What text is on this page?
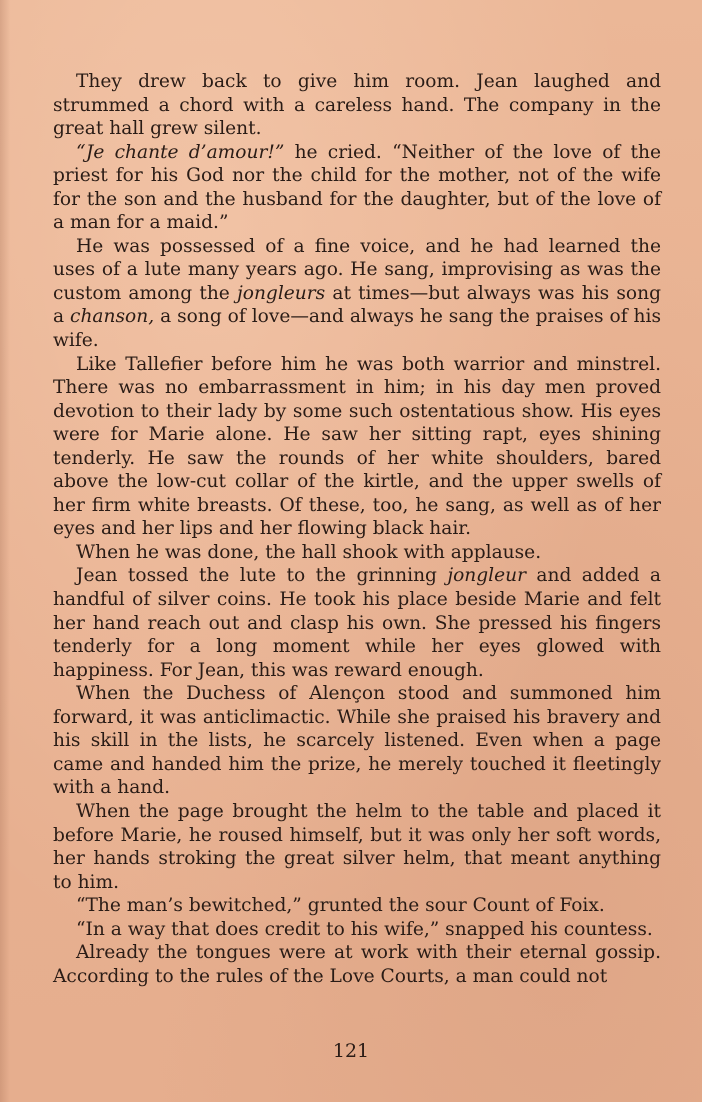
They drew back to give him room. Jean laughed and strummed a chord with a careless hand. The company in the great hall grew silent.

“Je chante d’amour!” he cried. “Neither of the love of the priest for his God nor the child for the mother, not of the wife for the son and the husband for the daughter, but of the love of a man for a maid.”

He was possessed of a fine voice, and he had learned the uses of a lute many years ago. He sang, improvising as was the custom among the jongleurs at times—but always was his song a chanson, a song of love—and always he sang the praises of his wife.

Like Tallefier before him he was both warrior and minstrel. There was no embarrassment in him; in his day men proved devotion to their lady by some such ostentatious show. His eyes were for Marie alone. He saw her sitting rapt, eyes shining tenderly. He saw the rounds of her white shoulders, bared above the low-cut collar of the kirtle, and the upper swells of her firm white breasts. Of these, too, he sang, as well as of her eyes and her lips and her flowing black hair.

When he was done, the hall shook with applause.

Jean tossed the lute to the grinning jongleur and added a handful of silver coins. He took his place beside Marie and felt her hand reach out and clasp his own. She pressed his fingers tenderly for a long moment while her eyes glowed with happiness. For Jean, this was reward enough.

When the Duchess of Alençon stood and summoned him forward, it was anticlimactic. While she praised his bravery and his skill in the lists, he scarcely listened. Even when a page came and handed him the prize, he merely touched it fleetingly with a hand.

When the page brought the helm to the table and placed it before Marie, he roused himself, but it was only her soft words, her hands stroking the great silver helm, that meant anything to him.

“The man’s bewitched,” grunted the sour Count of Foix.

“In a way that does credit to his wife,” snapped his countess.

Already the tongues were at work with their eternal gossip. According to the rules of the Love Courts, a man could not

121
